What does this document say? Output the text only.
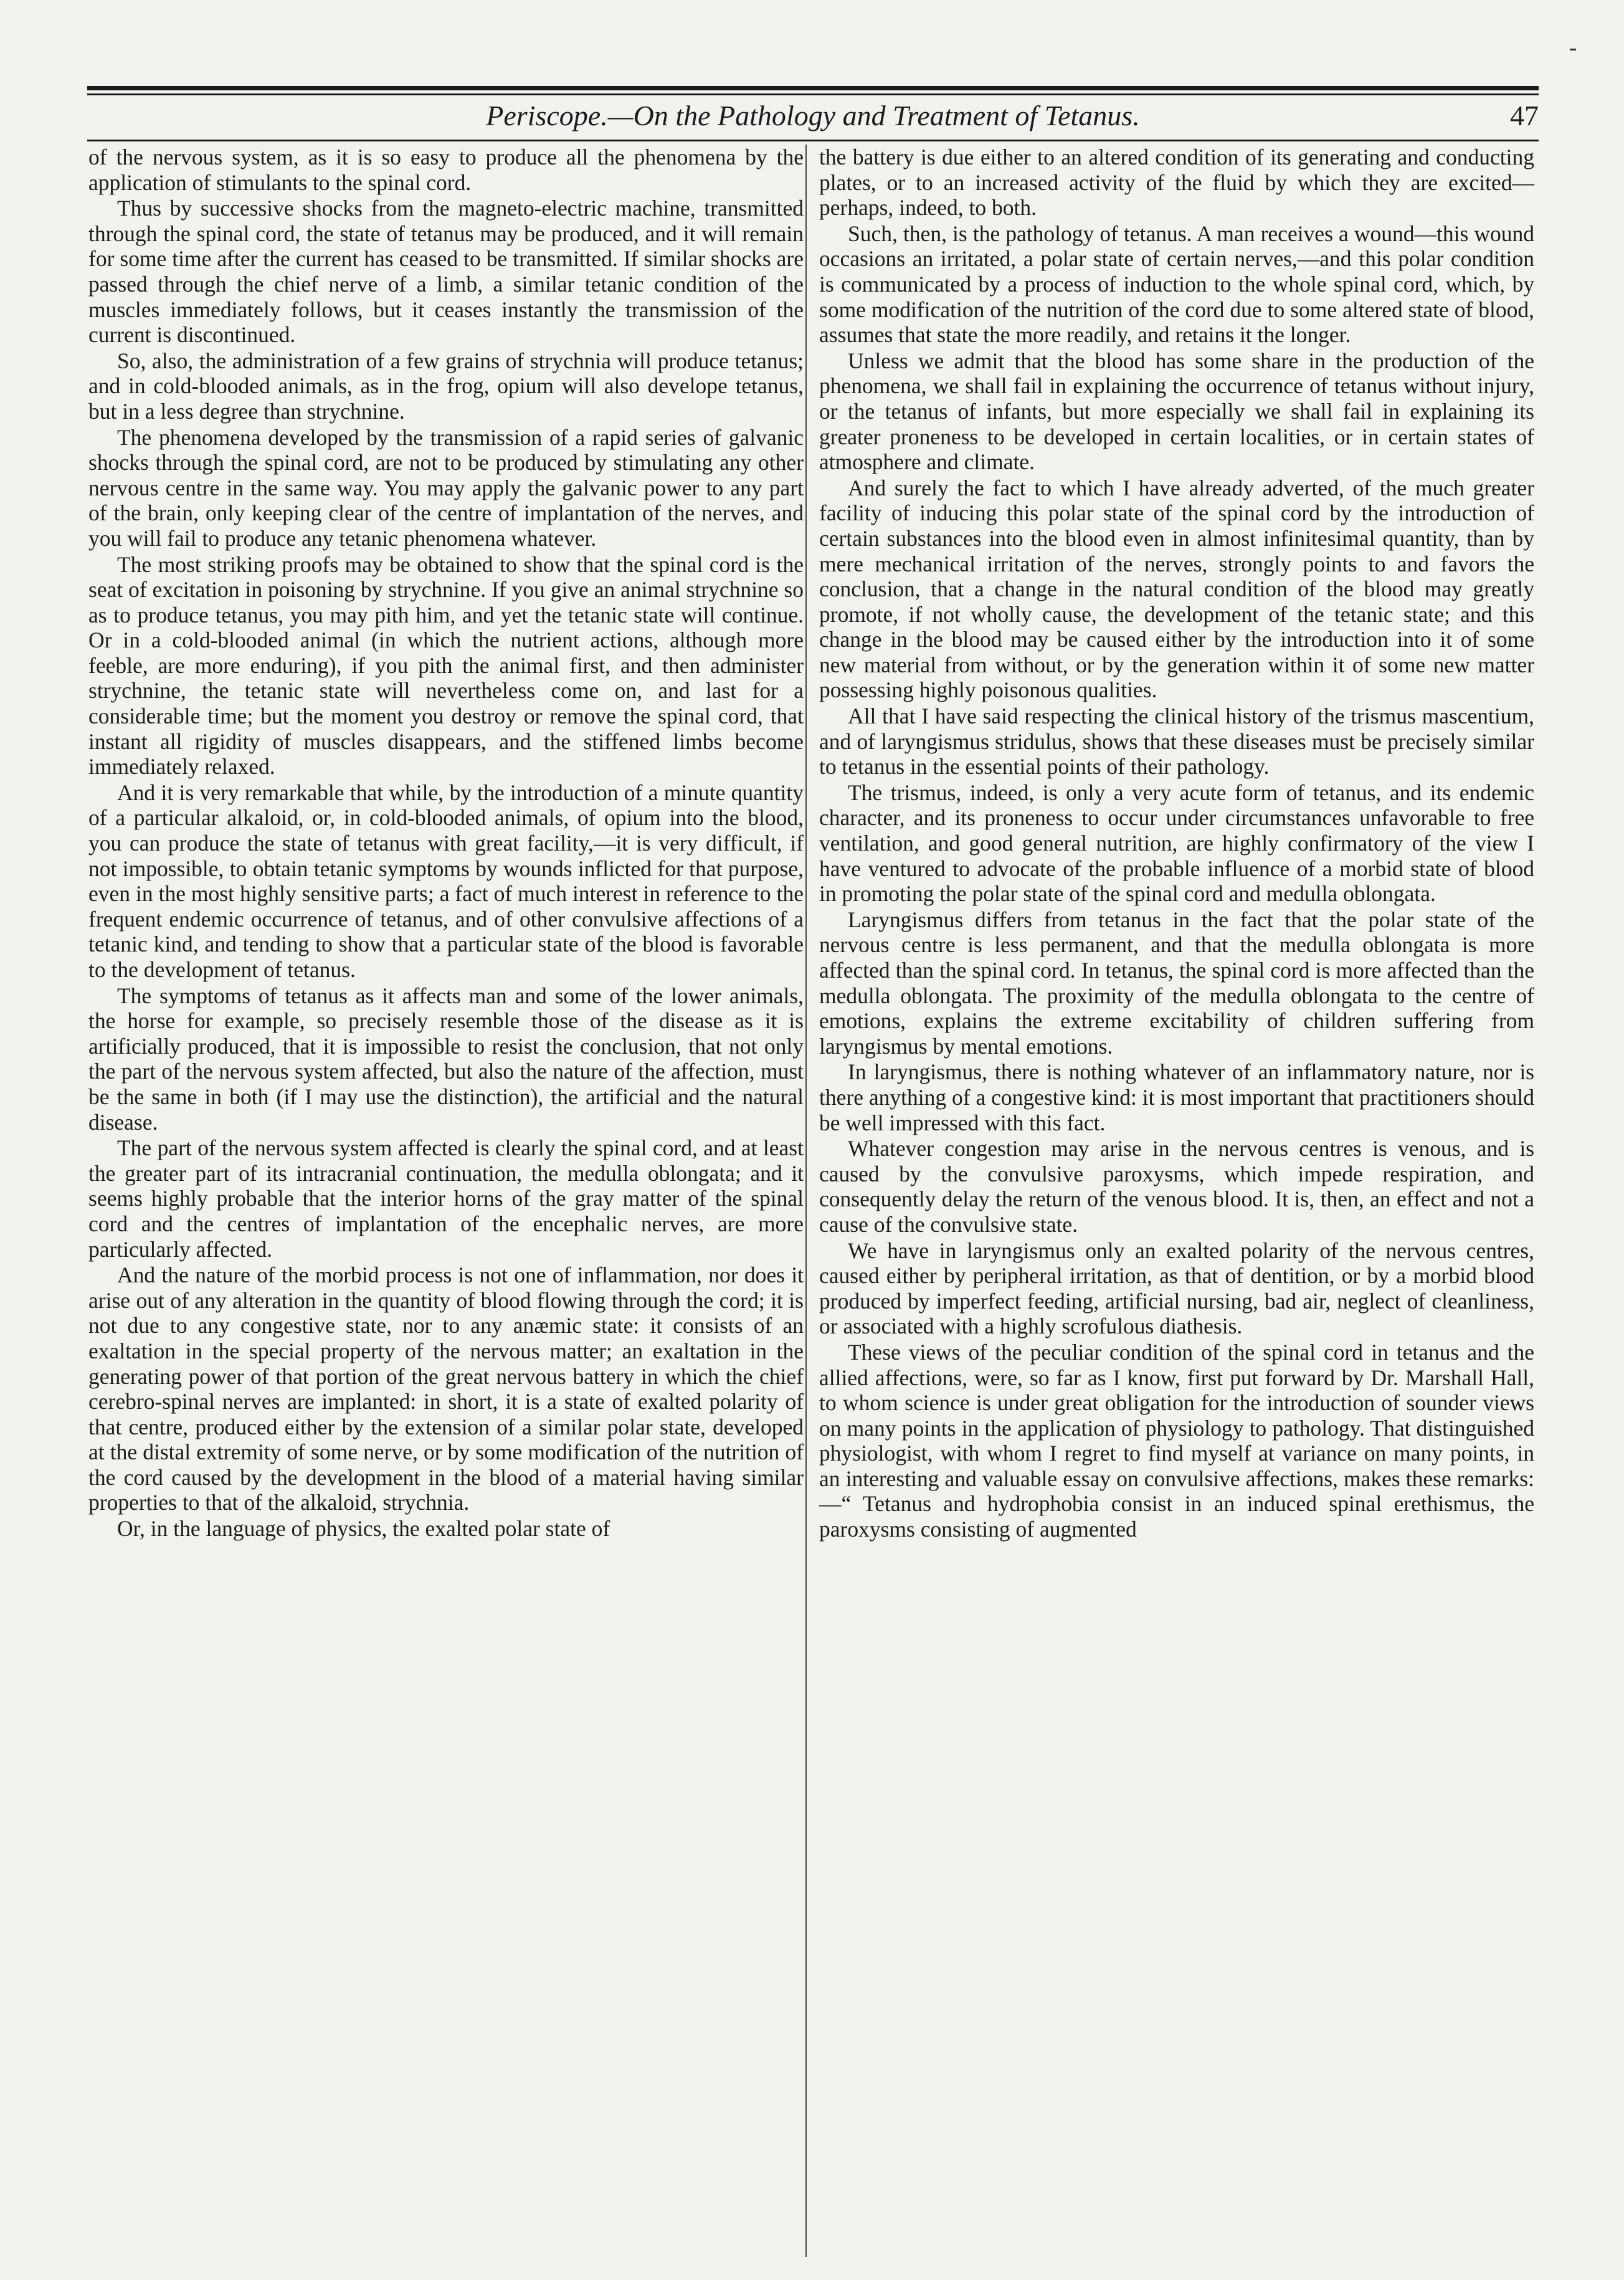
Periscope.—On the Pathology and Treatment of Tetanus.	47

of the nervous system, as it is so easy to produce all the phenomena by the application of stimulants to the spinal cord.

Thus by successive shocks from the magneto-electric machine, transmitted through the spinal cord, the state of tetanus may be produced, and it will remain for some time after the current has ceased to be transmitted. If similar shocks are passed through the chief nerve of a limb, a similar tetanic condition of the muscles immediately follows, but it ceases instantly the transmission of the current is discontinued.

So, also, the administration of a few grains of strychnia will produce tetanus; and in cold-blooded animals, as in the frog, opium will also develope tetanus, but in a less degree than strychnine.

The phenomena developed by the transmission of a rapid series of galvanic shocks through the spinal cord, are not to be produced by stimulating any other nervous centre in the same way. You may apply the galvanic power to any part of the brain, only keeping clear of the centre of implantation of the nerves, and you will fail to produce any tetanic phenomena whatever.

The most striking proofs may be obtained to show that the spinal cord is the seat of excitation in poisoning by strychnine. If you give an animal strychnine so as to produce tetanus, you may pith him, and yet the tetanic state will continue. Or in a cold-blooded animal (in which the nutrient actions, although more feeble, are more enduring), if you pith the animal first, and then administer strychnine, the tetanic state will nevertheless come on, and last for a considerable time; but the moment you destroy or remove the spinal cord, that instant all rigidity of muscles disappears, and the stiffened limbs become immediately relaxed.

And it is very remarkable that while, by the introduction of a minute quantity of a particular alkaloid, or, in cold-blooded animals, of opium into the blood, you can produce the state of tetanus with great facility,—it is very difficult, if not impossible, to obtain tetanic symptoms by wounds inflicted for that purpose, even in the most highly sensitive parts; a fact of much interest in reference to the frequent endemic occurrence of tetanus, and of other convulsive affections of a tetanic kind, and tending to show that a particular state of the blood is favorable to the development of tetanus.

The symptoms of tetanus as it affects man and some of the lower animals, the horse for example, so precisely resemble those of the disease as it is artificially produced, that it is impossible to resist the conclusion, that not only the part of the nervous system affected, but also the nature of the affection, must be the same in both (if I may use the distinction), the artificial and the natural disease.

The part of the nervous system affected is clearly the spinal cord, and at least the greater part of its intracranial continuation, the medulla oblongata; and it seems highly probable that the interior horns of the gray matter of the spinal cord and the centres of implantation of the encephalic nerves, are more particularly affected.

And the nature of the morbid process is not one of inflammation, nor does it arise out of any alteration in the quantity of blood flowing through the cord; it is not due to any congestive state, nor to any anæmic state: it consists of an exaltation in the special property of the nervous matter; an exaltation in the generating power of that portion of the great nervous battery in which the chief cerebro-spinal nerves are implanted: in short, it is a state of exalted polarity of that centre, produced either by the extension of a similar polar state, developed at the distal extremity of some nerve, or by some modification of the nutrition of the cord caused by the development in the blood of a material having similar properties to that of the alkaloid, strychnia.

Or, in the language of physics, the exalted polar state of

the battery is due either to an altered condition of its generating and conducting plates, or to an increased activity of the fluid by which they are excited—perhaps, indeed, to both.

Such, then, is the pathology of tetanus. A man receives a wound—this wound occasions an irritated, a polar state of certain nerves,—and this polar condition is communicated by a process of induction to the whole spinal cord, which, by some modification of the nutrition of the cord due to some altered state of blood, assumes that state the more readily, and retains it the longer.

Unless we admit that the blood has some share in the production of the phenomena, we shall fail in explaining the occurrence of tetanus without injury, or the tetanus of infants, but more especially we shall fail in explaining its greater proneness to be developed in certain localities, or in certain states of atmosphere and climate.

And surely the fact to which I have already adverted, of the much greater facility of inducing this polar state of the spinal cord by the introduction of certain substances into the blood even in almost infinitesimal quantity, than by mere mechanical irritation of the nerves, strongly points to and favors the conclusion, that a change in the natural condition of the blood may greatly promote, if not wholly cause, the development of the tetanic state; and this change in the blood may be caused either by the introduction into it of some new material from without, or by the generation within it of some new matter possessing highly poisonous qualities.

All that I have said respecting the clinical history of the trismus mascentium, and of laryngismus stridulus, shows that these diseases must be precisely similar to tetanus in the essential points of their pathology.

The trismus, indeed, is only a very acute form of tetanus, and its endemic character, and its proneness to occur under circumstances unfavorable to free ventilation, and good general nutrition, are highly confirmatory of the view I have ventured to advocate of the probable influence of a morbid state of blood in promoting the polar state of the spinal cord and medulla oblongata.

Laryngismus differs from tetanus in the fact that the polar state of the nervous centre is less permanent, and that the medulla oblongata is more affected than the spinal cord. In tetanus, the spinal cord is more affected than the medulla oblongata. The proximity of the medulla oblongata to the centre of emotions, explains the extreme excitability of children suffering from laryngismus by mental emotions.

In laryngismus, there is nothing whatever of an inflammatory nature, nor is there anything of a congestive kind: it is most important that practitioners should be well impressed with this fact.

Whatever congestion may arise in the nervous centres is venous, and is caused by the convulsive paroxysms, which impede respiration, and consequently delay the return of the venous blood. It is, then, an effect and not a cause of the convulsive state.

We have in laryngismus only an exalted polarity of the nervous centres, caused either by peripheral irritation, as that of dentition, or by a morbid blood produced by imperfect feeding, artificial nursing, bad air, neglect of cleanliness, or associated with a highly scrofulous diathesis.

These views of the peculiar condition of the spinal cord in tetanus and the allied affections, were, so far as I know, first put forward by Dr. Marshall Hall, to whom science is under great obligation for the introduction of sounder views on many points in the application of physiology to pathology. That distinguished physiologist, with whom I regret to find myself at variance on many points, in an interesting and valuable essay on convulsive affections, makes these remarks:—“ Tetanus and hydrophobia consist in an induced spinal erethismus, the paroxysms consisting of augmented
